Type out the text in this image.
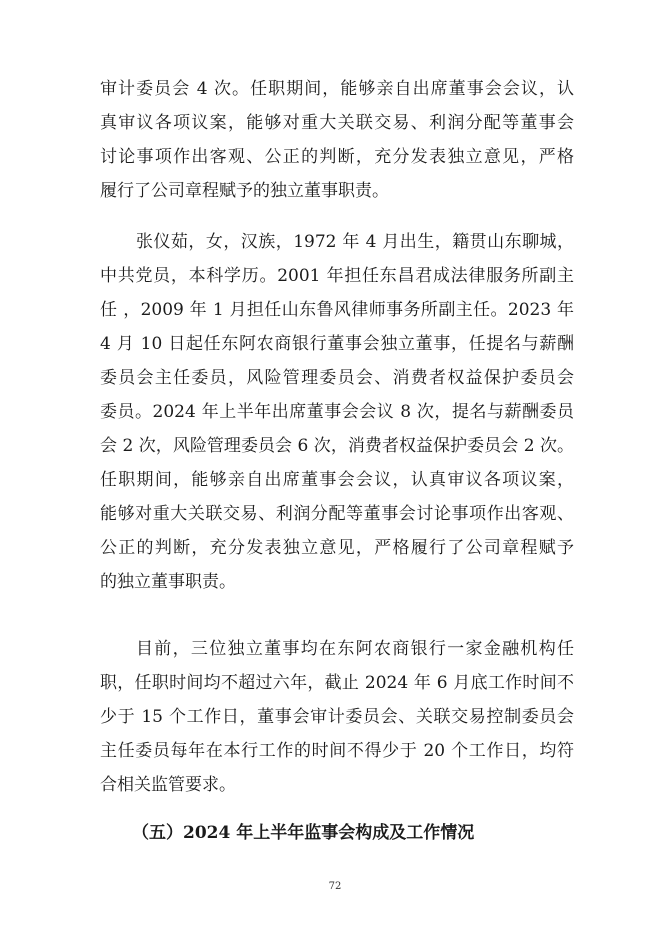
审计委员会 4 次。任职期间，能够亲自出席董事会会议，认
真审议各项议案，能够对重大关联交易、利润分配等董事会
讨论事项作出客观、公正的判断，充分发表独立意见，严格
履行了公司章程赋予的独立董事职责。
张仪茹，女，汉族，1972 年 4 月出生，籍贯山东聊城，
中共党员，本科学历。2001 年担任东昌君成法律服务所副主
任 ，2009 年 1 月担任山东鲁风律师事务所副主任。2023 年
4 月 10 日起任东阿农商银行董事会独立董事，任提名与薪酬
委员会主任委员，风险管理委员会、消费者权益保护委员会
委员。2024 年上半年出席董事会会议 8 次，提名与薪酬委员
会 2 次，风险管理委员会 6 次，消费者权益保护委员会 2 次。
任职期间，能够亲自出席董事会会议，认真审议各项议案，
能够对重大关联交易、利润分配等董事会讨论事项作出客观、
公正的判断，充分发表独立意见，严格履行了公司章程赋予
的独立董事职责。
目前，三位独立董事均在东阿农商银行一家金融机构任
职，任职时间均不超过六年，截止 2024 年 6 月底工作时间不
少于 15 个工作日，董事会审计委员会、关联交易控制委员会
主任委员每年在本行工作的时间不得少于 20 个工作日，均符
合相关监管要求。
（五）2024 年上半年监事会构成及工作情况
72
